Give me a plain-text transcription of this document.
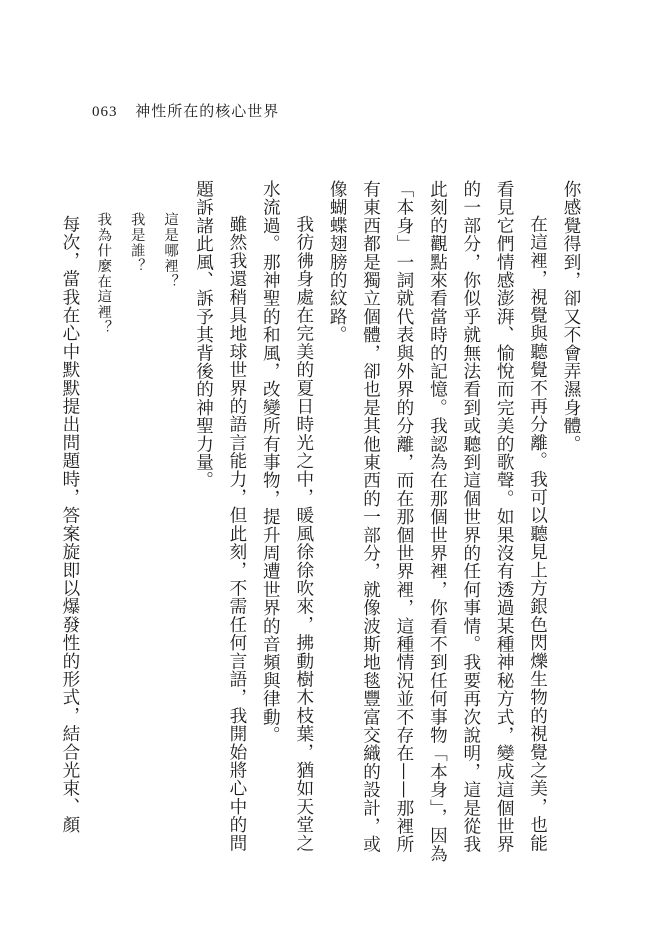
063 神性所在的核心世界

你感覺得到，卻又不會弄濕身體。

在這裡，視覺與聽覺不再分離。我可以聽見上方銀色閃爍生物的視覺之美，也能看見它們情感澎湃、愉悅而完美的歌聲。如果沒有透過某種神秘方式，變成這個世界的一部分，你似乎就無法看到或聽到這個世界的任何事情。我要再次說明，這是從我此刻的觀點來看當時的記憶。我認為在那個世界裡，你看不到任何事物「本身」，因為「本身」一詞就代表與外界的分離，而在那個世界裡，這種情況並不存在——那裡所有東西都是獨立個體，卻也是其他東西的一部分，就像波斯地毯豐富交織的設計，或像蝴蝶翅膀的紋路。

我彷彿身處在完美的夏日時光之中，暖風徐徐吹來，拂動樹木枝葉，猶如天堂之水流過。那神聖的和風，改變所有事物，提升周遭世界的音頻與律動。

雖然我還稍具地球世界的語言能力，但此刻，不需任何言語，我開始將心中的問題訴諸此風、訴予其背後的神聖力量。

這是哪裡？

我是誰？

我為什麼在這裡？

每次，當我在心中默默提出問題時，答案旋即以爆發性的形式，結合光束、顏
